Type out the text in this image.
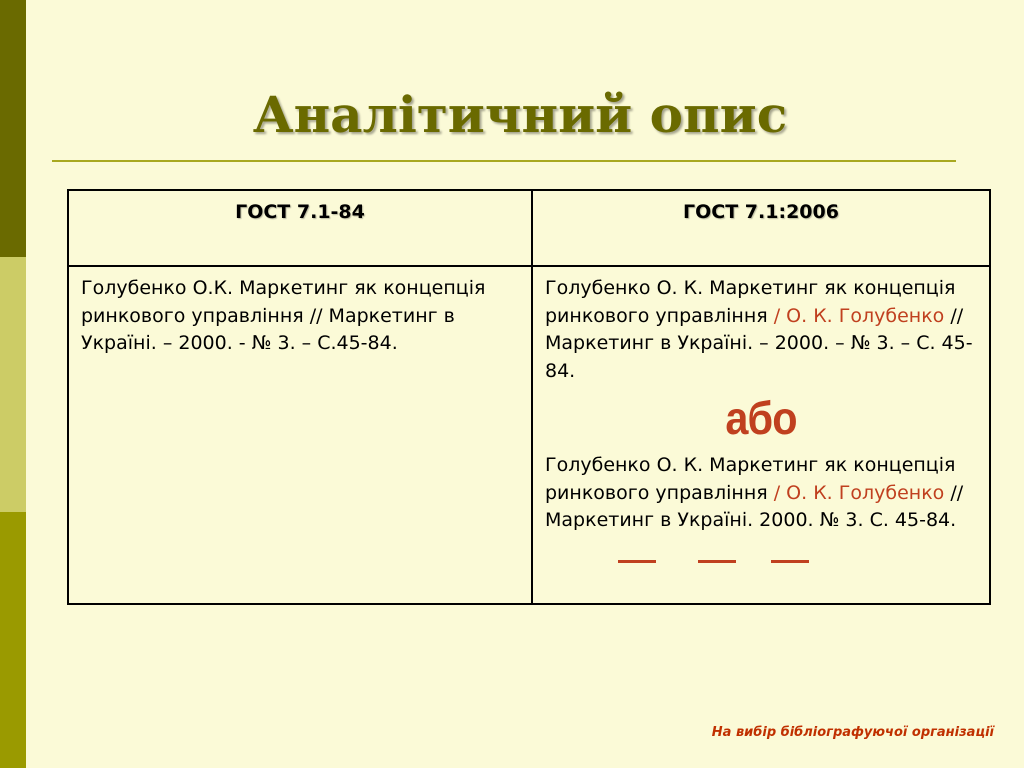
Аналітичний опис
ГОСТ 7.1-84	ГОСТ 7.1:2006
Голубенко О.К. Маркетинг як концепція ринкового управління // Маркетинг в Україні. – 2000. - № 3. – С.45-84.	Голубенко О. К. Маркетинг як концепція ринкового управління / О. К. Голубенко // Маркетинг в Україні. – 2000. – № 3. – С. 45-84.
або
Голубенко О. К. Маркетинг як концепція ринкового управління / О. К. Голубенко // Маркетинг в Україні. 2000. № 3. С. 45-84.
На вибір бібліографуючої організації
